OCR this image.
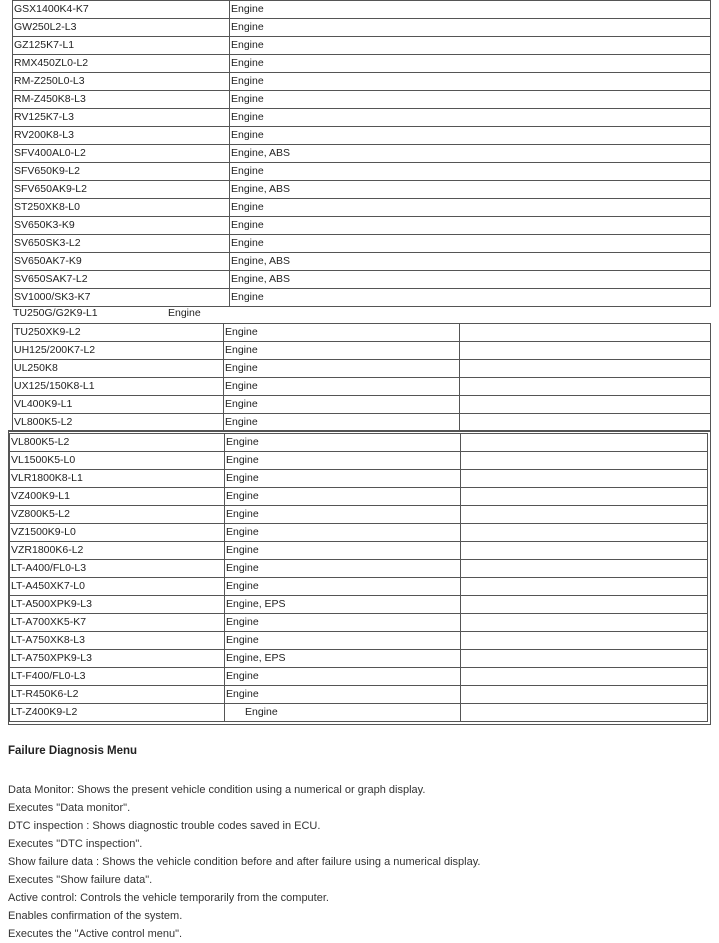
GSX1400K4-K7	Engine
GW250L2-L3	Engine
GZ125K7-L1	Engine
RMX450ZL0-L2	Engine
RM-Z250L0-L3	Engine
RM-Z450K8-L3	Engine
RV125K7-L3	Engine
RV200K8-L3	Engine
SFV400AL0-L2	Engine, ABS
SFV650K9-L2	Engine
SFV650AK9-L2	Engine, ABS
ST250XK8-L0	Engine
SV650K3-K9	Engine
SV650SK3-L2	Engine
SV650AK7-K9	Engine, ABS
SV650SAK7-L2	Engine, ABS
SV1000/SK3-K7	Engine
TU250G/G2K9-L1	Engine
TU250XK9-L2	Engine	
UH125/200K7-L2	Engine	
UL250K8	Engine	
UX125/150K8-L1	Engine	
VL400K9-L1	Engine	
VL800K5-L2	Engine	
VL800K5-L2	Engine	
VL1500K5-L0	Engine	
VLR1800K8-L1	Engine	
VZ400K9-L1	Engine	
VZ800K5-L2	Engine	
VZ1500K9-L0	Engine	
VZR1800K6-L2	Engine	
LT-A400/FL0-L3	Engine	
LT-A450XK7-L0	Engine	
LT-A500XPK9-L3	Engine, EPS	
LT-A700XK5-K7	Engine	
LT-A750XK8-L3	Engine	
LT-A750XPK9-L3	Engine, EPS	
LT-F400/FL0-L3	Engine	
LT-R450K6-L2	Engine	
LT-Z400K9-L2	Engine	
Failure Diagnosis Menu

Data Monitor: Shows the present vehicle condition using a numerical or graph display.

Executes "Data monitor".

DTC inspection : Shows diagnostic trouble codes saved in ECU.

Executes "DTC inspection".

Show failure data : Shows the vehicle condition before and after failure using a numerical display.

Executes "Show failure data".

Active control: Controls the vehicle temporarily from the computer.

Enables confirmation of the system.

Executes the "Active control menu".
